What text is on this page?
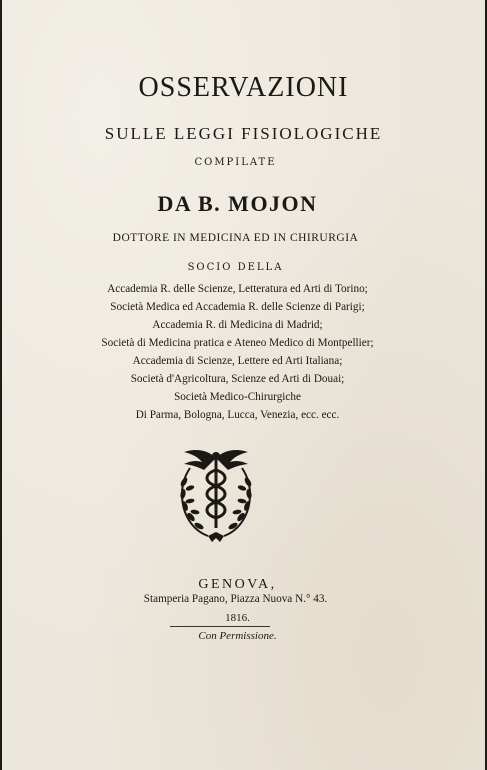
OSSERVAZIONI
SULLE LEGGI FISIOLOGICHE
COMPILATE
DA B. MOJON
DOTTORE IN MEDICINA ED IN CHIRURGIA
SOCIO DELLA
Accademia R. delle Scienze, Letteratura ed Arti di Torino;
Società Medica ed Accademia R. delle Scienze di Parigi;
Accademia R. di Medicina di Madrid;
Società di Medicina pratica e Ateneo Medico di Montpellier;
Accademia di Scienze, Lettere ed Arti Italiana;
Società d'Agricoltura, Scienze ed Arti di Douai;
Società Medico-Chirurgiche
Di Parma, Bologna, Lucca, Venezia, ecc. ecc.
GENOVA,
Stamperia Pagano, Piazza Nuova N.° 43.
1816.
Con Permissione.
